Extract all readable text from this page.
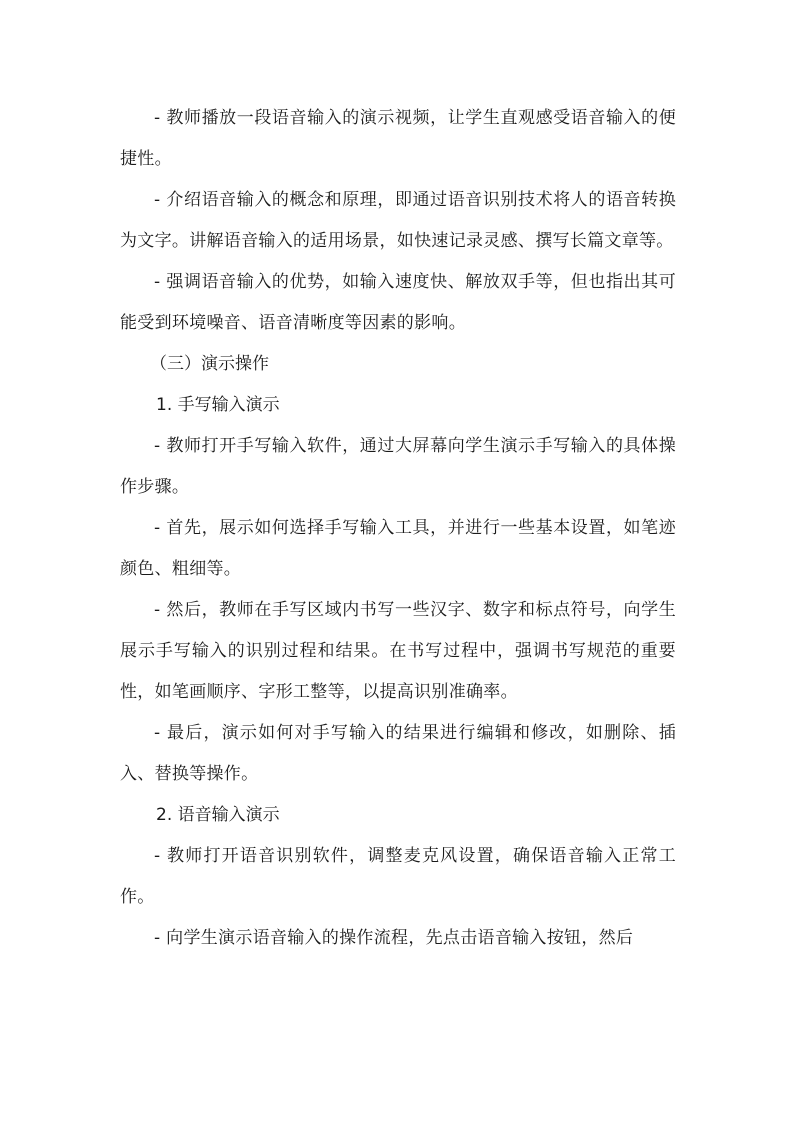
- 教师播放一段语音输入的演示视频，让学生直观感受语音输入的便捷性。

- 介绍语音输入的概念和原理，即通过语音识别技术将人的语音转换为文字。讲解语音输入的适用场景，如快速记录灵感、撰写长篇文章等。

- 强调语音输入的优势，如输入速度快、解放双手等，但也指出其可能受到环境噪音、语音清晰度等因素的影响。

（三）演示操作

1. 手写输入演示

- 教师打开手写输入软件，通过大屏幕向学生演示手写输入的具体操作步骤。

- 首先，展示如何选择手写输入工具，并进行一些基本设置，如笔迹颜色、粗细等。

- 然后，教师在手写区域内书写一些汉字、数字和标点符号，向学生展示手写输入的识别过程和结果。在书写过程中，强调书写规范的重要性，如笔画顺序、字形工整等，以提高识别准确率。

- 最后，演示如何对手写输入的结果进行编辑和修改，如删除、插入、替换等操作。

2. 语音输入演示

- 教师打开语音识别软件，调整麦克风设置，确保语音输入正常工作。

- 向学生演示语音输入的操作流程，先点击语音输入按钮，然后
